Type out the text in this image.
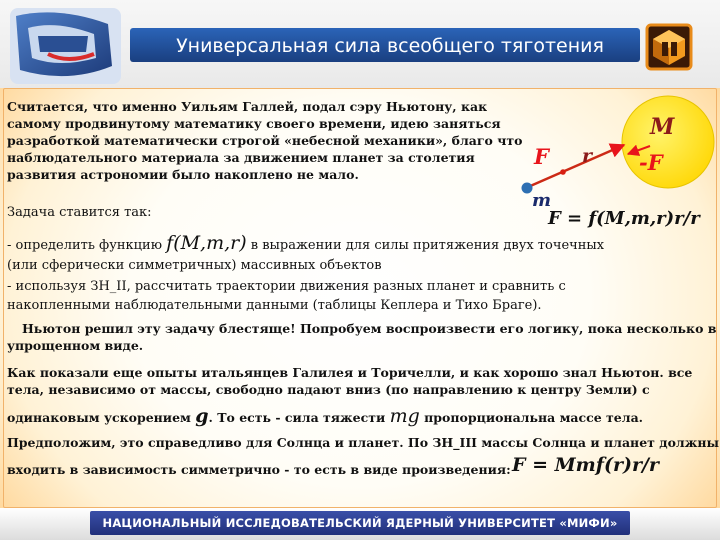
Универсальная сила всеобщего тяготения
Считается, что именно Уильям Галлей, подал сэру Ньютону, как
самому продвинутому математику своего времени, идею заняться
разработкой математически строгой «небесной механики», благо что
наблюдательного материала за движением планет за столетия
развития астрономии было накоплено не мало.
Задача ставится так:
M
F r -F
m
F = f(M,m,r)r/r
- определить функцию f(M,m,r) в выражении для силы притяжения двух точечных
(или сферически симметричных) массивных объектов
- используя ЗН_II, рассчитать траектории движения разных планет и сравнить с
накопленными наблюдательными данными (таблицы Кеплера и Тихо Браге).
Ньютон решил эту задачу блестяще! Попробуем воспроизвести его логику, пока несколько в
упрощенном виде.
Как показали еще опыты итальянцев Галилея и Торичелли, и как хорошо знал Ньютон. все
тела, независимо от массы, свободно падают вниз (по направлению к центру Земли) с
одинаковым ускорением g. То есть - сила тяжести mg пропорциональна массе тела.
Предположим, это справедливо для Солнца и планет. По ЗН_III массы Солнца и планет должны
входить в зависимость симметрично - то есть в виде произведения: F = Mmf(r)r/r
НАЦИОНАЛЬНЫЙ ИССЛЕДОВАТЕЛЬСКИЙ ЯДЕРНЫЙ УНИВЕРСИТЕТ «МИФИ»
